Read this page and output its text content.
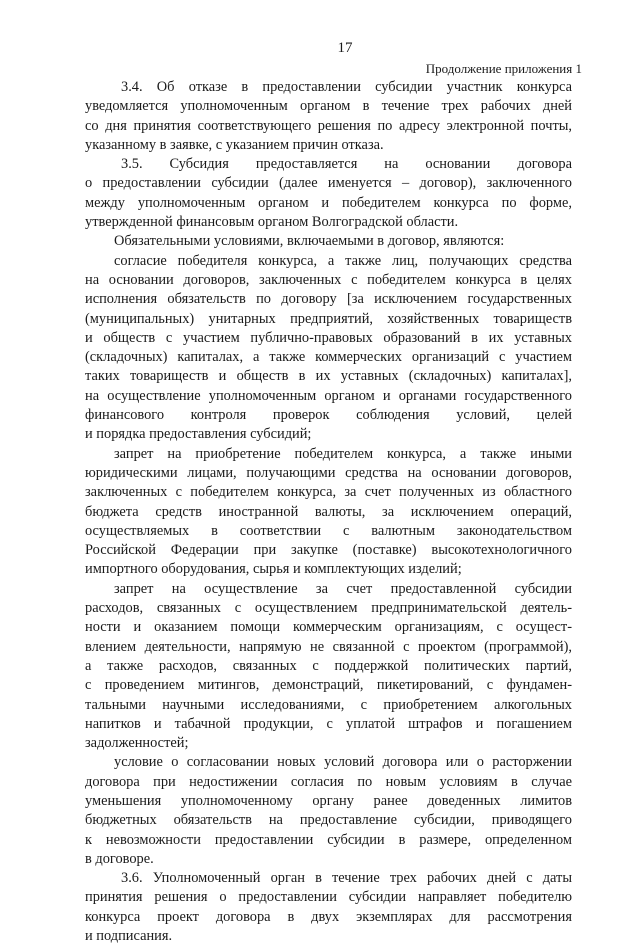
17
Продолжение приложения 1
3.4. Об отказе в предоставлении субсидии участник конкурса
уведомляется уполномоченным органом в течение трех рабочих дней
со дня принятия соответствующего решения по адресу электронной почты,
указанному в заявке, с указанием причин отказа.
3.5. Субсидия предоставляется на основании договора
о предоставлении субсидии (далее именуется – договор), заключенного
между уполномоченным органом и победителем конкурса по форме,
утвержденной финансовым органом Волгоградской области.
Обязательными условиями, включаемыми в договор, являются:
согласие победителя конкурса, а также лиц, получающих средства
на основании договоров, заключенных с победителем конкурса в целях
исполнения обязательств по договору [за исключением государственных
(муниципальных) унитарных предприятий, хозяйственных товариществ
и обществ с участием публично-правовых образований в их уставных
(складочных) капиталах, а также коммерческих организаций с участием
таких товариществ и обществ в их уставных (складочных) капиталах],
на осуществление уполномоченным органом и органами государственного
финансового контроля проверок соблюдения условий, целей
и порядка предоставления субсидий;
запрет на приобретение победителем конкурса, а также иными
юридическими лицами, получающими средства на основании договоров,
заключенных с победителем конкурса, за счет полученных из областного
бюджета средств иностранной валюты, за исключением операций,
осуществляемых в соответствии с валютным законодательством
Российской Федерации при закупке (поставке) высокотехнологичного
импортного оборудования, сырья и комплектующих изделий;
запрет на осуществление за счет предоставленной субсидии
расходов, связанных с осуществлением предпринимательской деятель-
ности и оказанием помощи коммерческим организациям, с осущест-
влением деятельности, напрямую не связанной с проектом (программой),
а также расходов, связанных с поддержкой политических партий,
с проведением митингов, демонстраций, пикетирований, с фундамен-
тальными научными исследованиями, с приобретением алкогольных
напитков и табачной продукции, с уплатой штрафов и погашением
задолженностей;
условие о согласовании новых условий договора или о расторжении
договора при недостижении согласия по новым условиям в случае
уменьшения уполномоченному органу ранее доведенных лимитов
бюджетных обязательств на предоставление субсидии, приводящего
к невозможности предоставлении субсидии в размере, определенном
в договоре.
3.6. Уполномоченный орган в течение трех рабочих дней с даты
принятия решения о предоставлении субсидии направляет победителю
конкурса проект договора в двух экземплярах для рассмотрения
и подписания.
